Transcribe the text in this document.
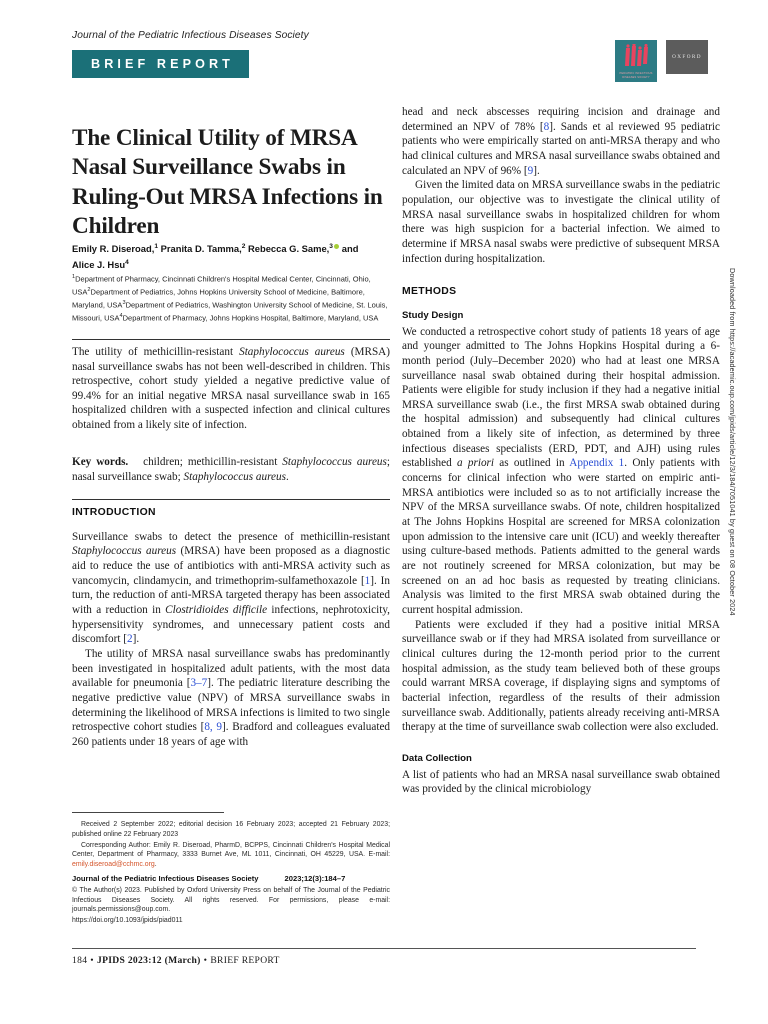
Journal of the Pediatric Infectious Diseases Society
BRIEF REPORT
PEDIATRIC INFECTIOUS DISEASES SOCIETY
OXFORD
The Clinical Utility of MRSA Nasal Surveillance Swabs in Ruling-Out MRSA Infections in Children
Emily R. Diseroad,$^1$ Pranita D. Tamma,$^2$ Rebecca G. Same,$^3$ and
Alice J. Hsu$^4$
$^1$Department of Pharmacy, Cincinnati Children's Hospital Medical Center, Cincinnati, Ohio, USA$^2$Department of Pediatrics, Johns Hopkins University School of Medicine, Baltimore, Maryland, USA$^3$Department of Pediatrics, Washington University School of Medicine, St. Louis, Missouri, USA$^4$Department of Pharmacy, Johns Hopkins Hospital, Baltimore, Maryland, USA
The utility of methicillin-resistant Staphylococcus aureus (MRSA) nasal surveillance swabs has not been well-described in children. This retrospective, cohort study yielded a negative predictive value of 99.4% for an initial negative MRSA nasal surveillance swab in 165 hospitalized children with a suspected infection and clinical cultures obtained from a likely site of infection.
Key words. children; methicillin-resistant Staphylococcus aureus; nasal surveillance swab; Staphylococcus aureus.
INTRODUCTION

Surveillance swabs to detect the presence of methicillin-resistant Staphylococcus aureus (MRSA) have been proposed as a diagnostic aid to reduce the use of antibiotics with anti-MRSA activity such as vancomycin, clindamycin, and trimethoprim-sulfamethoxazole [1]. In turn, the reduction of anti-MRSA targeted therapy has been associated with a reduction in Clostridioides difficile infections, nephrotoxicity, hypersensitivity syndromes, and unnecessary patient costs and discomfort [2].

The utility of MRSA nasal surveillance swabs has predominantly been investigated in hospitalized adult patients, with the most data available for pneumonia [3–7]. The pediatric literature describing the negative predictive value (NPV) of MRSA surveillance swabs in determining the likelihood of MRSA infections is limited to two single retrospective cohort studies [8, 9]. Bradford and colleagues evaluated 260 patients under 18 years of age with

Received 2 September 2022; editorial decision 16 February 2023; accepted 21 February 2023; published online 22 February 2023

Corresponding Author: Emily R. Diseroad, PharmD, BCPPS, Cincinnati Children's Hospital Medical Center, Department of Pharmacy, 3333 Burnet Ave, ML 1011, Cincinnati, OH 45229, USA. E-mail: emily.diseroad@cchmc.org.

Journal of the Pediatric Infectious Diseases Society	2023;12(3):184–7

© The Author(s) 2023. Published by Oxford University Press on behalf of The Journal of the Pediatric Infectious Diseases Society. All rights reserved. For permissions, please e-mail: journals.permissions@oup.com.

https://doi.org/10.1093/jpids/piad011

head and neck abscesses requiring incision and drainage and determined an NPV of 78% [8]. Sands et al reviewed 95 pediatric patients who were empirically started on anti-MRSA therapy and who had clinical cultures and MRSA nasal surveillance swabs obtained and calculated an NPV of 96% [9].

Given the limited data on MRSA surveillance swabs in the pediatric population, our objective was to investigate the clinical utility of MRSA nasal surveillance swabs in hospitalized children for whom there was high suspicion for a bacterial infection. We aimed to determine if MRSA nasal swabs were predictive of subsequent MRSA infection during hospitalization.

METHODS
Study Design

We conducted a retrospective cohort study of patients 18 years of age and younger admitted to The Johns Hopkins Hospital during a 6-month period (July–December 2020) who had at least one MRSA surveillance nasal swab obtained during their hospital admission. Patients were eligible for study inclusion if they had a negative initial MRSA surveillance swab (i.e., the first MRSA swab obtained during the hospital admission) and subsequently had clinical cultures obtained from a likely site of infection, as determined by three infectious diseases specialists (ERD, PDT, and AJH) using rules established a priori as outlined in Appendix 1. Only patients with concerns for clinical infection who were started on empiric anti-MRSA antibiotics were included so as to not artificially increase the NPV of the MRSA surveillance swabs. Of note, children hospitalized at The Johns Hopkins Hospital are screened for MRSA colonization upon admission to the intensive care unit (ICU) and weekly thereafter using culture-based methods. Patients admitted to the general wards are not routinely screened for MRSA colonization, but may be screened on an ad hoc basis as requested by treating clinicians. Analysis was limited to the first MRSA swab obtained during the current hospital admission.

Patients were excluded if they had a positive initial MRSA surveillance swab or if they had MRSA isolated from surveillance or clinical cultures during the 12-month period prior to the current hospital admission, as the study team believed both of these groups could warrant MRSA coverage, if displaying signs and symptoms of bacterial infection, regardless of the results of their admission surveillance swab. Additionally, patients already receiving anti-MRSA therapy at the time of surveillance swab collection were also excluded.

Data Collection

A list of patients who had an MRSA nasal surveillance swab obtained was provided by the clinical microbiology

184 • JPIDS 2023:12 (March) • BRIEF REPORT
Downloaded from https://academic.oup.com/jpids/article/12/3/184/7051041 by guest on 08 October 2024
